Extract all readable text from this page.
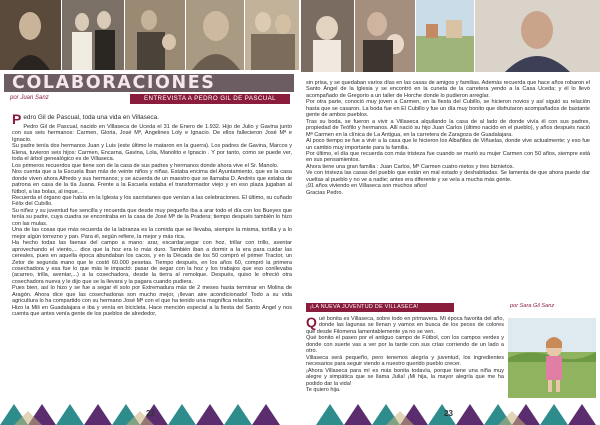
COLABORACIONES
por Juan Sanz	ENTREVISTA A PEDRO GIL DE PASCUAL

Pedro Gil de Pascual, toda una vida en Villaseca.

Pedro Gil de Pascual, nacido en Villaseca de Uceda el 31 de Enero de 1.932. Hijo de Julio y Gavina junto con sus seis hermanos: Carmen, Gloria, José Mª, Angelines Loly e Ignacio. De ellos fallecieron José Mª e Ignacio.

Su padre tenía dos hermanos Juan y Luis (este último le mataron en la guerra). Los padres de Gavina, Marcos y Elena, tuvieron seis hijos: Carmen, Encarna, Gavina, Lola, Manolito e Ignacio . Y por tanto, como se puede ver, toda el árbol genealógico es de Villaseca.

Los primeros recuerdos que tiene son de la casa de sus padres y hermanos donde ahora vive el Sr. Manolo.

Nos cuenta que a la Escuela Iban más de veinte niños y niñas. Estaba encima del Ayuntamiento, que es la casa donde viven ahora Alfredo y sus hermanos; y se acuerda de un maestro que se llamaba D. Andrés que estaba de patrona en casa de la tía Juana. Frente a la Escuela estaba el transformador viejo y en eso plaza jugaban al fútbol, a las bolas, al inque,...

Recuerda el órgano que había en la Iglesia y los sacristanes que venían a las celebraciones. El último, su cuñado Félix del Cubillo.

Su niñez y su juventud fue sencilla y recuerda que desde muy pequeño iba a arar todo el día con los Bueyes que tenía su padre, cuya cuadra se encontraba en la casa de José Mª de la Pradera; tiempo después también lo hizo con las mulas.

Una de las cosas que más recuerda de la labranza es la comida que se llevaba, siempre la misma, tortilla y a lo mejor algún torrezno y pan. Para él, según refiere, la mejor y más rica.

Ha hecho todas las faenas del campo a mano: arar, escardar,segar con hoz, trillar con trillo, aventar aprovechando el viento,... dice que la hoz era lo más duro. También iban a dormir a la era para cuidar las cereales, pues en aquella época abundaban los cacos, y en la Década de los 50 compró el primer Tractor, un Zetor de segunda mano que le costó 60.000 pesetas. Tiempo después, en los años 60, compró la primera cosechadora y esa fue lo que más le impactó: pasar de segar con la hoz y los trabajos que eso conllevaba (acarreo, trilla, aventar,...) a la cosechadora, desde la tierra al remolque. Después, quiso le ofreció otra cosechadora nueva y le dijo que se la llevara y la pagara cuando pudiera.

Pues bien, así lo hizo y se fue a segar él solo por Extremadura más de 2 meses hasta terminar en Molina de Aragón. Ahora dice que las cosechadoras son mucho mejor, ¡llevan aire acondicionado! Todo a su vida agricultura lo ha compartido con su hermano José Mª con el que ha tenido una magnífica relación.

Hizo la Mili en Guadalajara e iba y venía en bicicleta. Hace mención especial a la fiesta del Santo Ángel y nos cuenta que antes venía gente de los pueblos de alrededor,

sin prisa, y se quedaban varios días en las casas de amigos y familias. Además recuerda que hace años robaron el Santo Ángel de la Iglesia y se encontró en la cuneta de la carretera yendo a la Casa Uceda; y él lo llevó acompañado de Gregorio a un taller de Horche donde lo pudieron arreglar.

Por otra parte, conoció muy joven a Carmen, en la fiesta del Cubillo, se hicieron novios y así siguió su relación hasta que se casaron. La boda fue en El Cubillo y fue un día muy bonito que disfrutaron acompañados de bastante gente de ambos pueblos.

Tras su boda, se fueron a vivir a Villaseca alquilando la casa de al lado de donde vivía él con sus padres, propiedad de Teófilo y hermanos. Allí nació su hijo Juan Carlos (último nacido en el pueblo), y años después nació Mª Carmen en la clínica de La Antigua, en la carretera de Zaragoza de Guadalajara.

Al poco tiempo se fue a vivir a la casa que le hicieron los Albañiles de Viñuelas, donde vive actualmente; y eso fue un cambio muy importante para la familia.

Por último, el día que recuerda con más tristeza fue cuando se murió su mujer Carmen con 50 años, siempre está en sus pensamientos.

Ahora tiene una gran familia : Juan Carlos, Mª Carmen cuatro nietos y tres biznietos.

Ve con tristeza las casas del pueblo que están en mal estado y deshabitadas. Se lamenta de que ahora puede dar vueltas al pueblo y no ve a nadie; antes era diferente y se veía a mucha más gente.

¡91 años viviendo en Villaseca son muchos años!

Gracias Pedro.

¡LA NUEVA JUVENTUD DE VILLASECA!	por Sara Gil Sanz

Qué bonita es Villaseca, sobre todo en primavera. Mi época favorita del año, donde las lagunas se llenan y vamos en busca de los peces de colores que desde Filomena lamentablemente ya no se ven.

Qué bonito el paseo por el antiguo campo de Fútbol, con los campos verdes y donde con suerte vas a ver por la tarde con sus crías corriendo de un lado a otro.

Villaseca será pequeño, pero tenemos alegría y juventud, los ingredientes necesarios para seguir viendo a nuestro querido pueblo crecer.

¡Ahora Villaseca para mí es más bonita todavía, porque tiene una niña muy alegre y simpática que se llama Julia! ¡Mi hija, la mayor alegría que me ha podido dar la vida!

Te quiero hija.

22	23
